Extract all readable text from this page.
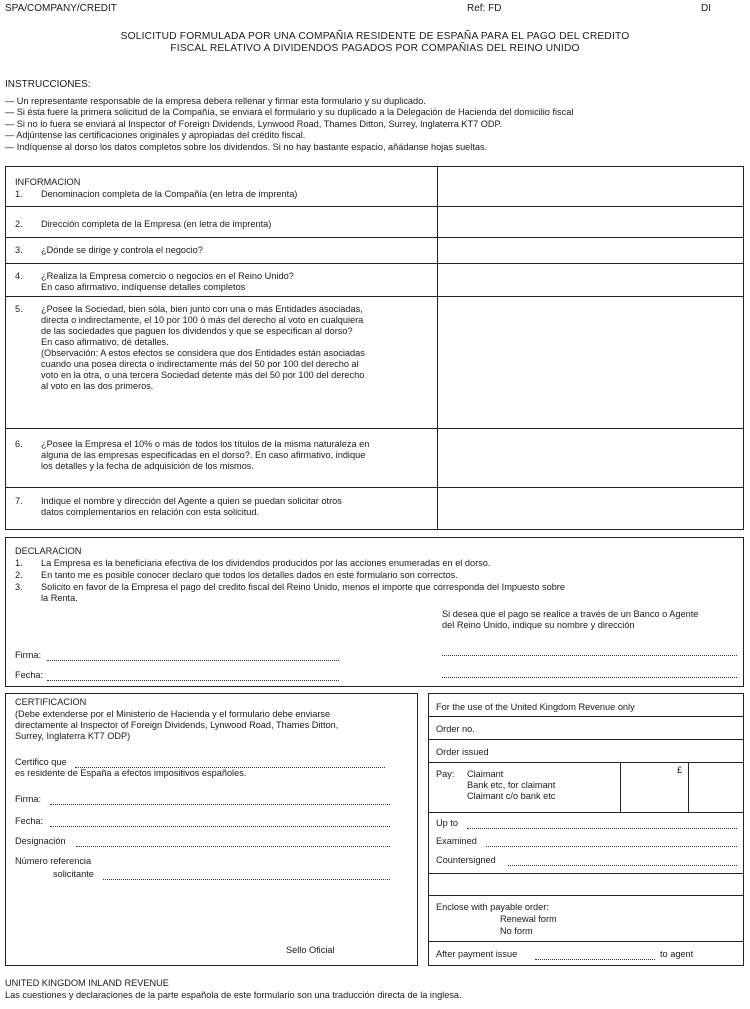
SPA/COMPANY/CREDIT	Ref: FD	DI
SOLICITUD FORMULADA POR UNA COMPAÑIA RESIDENTE DE ESPAÑA PARA EL PAGO DEL CREDITO
FISCAL RELATIVO A DIVIDENDOS PAGADOS POR COMPAÑIAS DEL REINO UNIDO
INSTRUCCIONES:
— Un representante responsable de la empresa debera rellenar y firmar esta formulario y su duplicado.
— Si ésta fuere la primera solicitud de la Compañía, se enviará el formulario y su duplicado a la Delegación de Hacienda del domicilio fiscal
— Si no lo fuera se enviará al Inspector of Foreign Dividends, Lynwood Road, Thames Ditton, Surrey, Inglaterra KT7 ODP.
— Adjúntense las certificaciones originales y apropiadas del crédito fiscal.
— Indíquense al dorso los datos completos sobre los dividendos. Si no hay bastante espacio, añádanse hojas sueltas.
INFORMACION
1. Denominacion completa de la Compañía (en letra de imprenta)
2. Dirección completa de la Empresa (en letra de imprenta)
3. ¿Dónde se dirige y controla el negocio?
4. ¿Realiza la Empresa comercio o negocios en el Reino Unido?
En caso afirmativo, indíquense detalles completos
5. ¿Posee la Sociedad, bien sóla, bien junto con una o más Entidades asociadas,
directa o indirectamente, el 10 por 100 ó más del derecho al voto en cualquiera
de las sociedades que paguen los dividendos y que se especifican al dorso?
En caso afirmativo, dé detalles.
(Observación: A estos efectos se considera que dos Entidades están asociadas
cuando una posea directa o indirectamente más del 50 por 100 del derecho al
voto en la otra, o una tercera Sociedad detente más del 50 por 100 del derecho
al voto en las dos primeros.
6. ¿Posee la Empresa el 10% o más de todos los títulos de la misma naturaleza en
alguna de las empresas especificadas en el dorso?. En caso afirmativo, indique
los detalles y la fecha de adquisición de los mismos.
7. Indique el nombre y dirección del Agente a quien se puedan solicitar otros
datos complementarios en relación con esta solicitud.
DECLARACION
1. La Empresa es la beneficiaria efectiva de los dividendos producidos por las acciones enumeradas en el dorso.
2. En tanto me es posible conocer declaro que todos los detalles dados en este formulario son correctos.
3. Solicito en favor de la Empresa el pago del credito fiscal del Reino Unido, menos el importe que corresponda del Impuesto sobre
la Renta.
Si desea que el pago se realice a través de un Banco o Agente
del Reino Unido, indique su nombre y dirección
Firma:
Fecha:
CERTIFICACION
(Debe extenderse por el Ministerio de Hacienda y el formulario debe enviarse
directamente al Inspector of Foreign Dividends, Lynwood Road, Thames Ditton,
Surrey, Inglaterra KT7 ODP)
Certifico que
es residente de España a efectos impositivos españoles.
Firma:
Fecha:
Designación
Número referencia
solicitante
Sello Oficial
For the use of the United Kingdom Revenue only
Order no.
Order issued
Pay: Claimant
Bank etc, for claimant
Claimant c/o bank etc
£
Up to
Examined
Countersigned
Enclose with payable order:
Renewal form
No form
After payment issue	to agent
UNITED KINGDOM INLAND REVENUE
Las cuestiones y declaraciones de la parte española de este formulario son una traducción directa de la inglesa.
